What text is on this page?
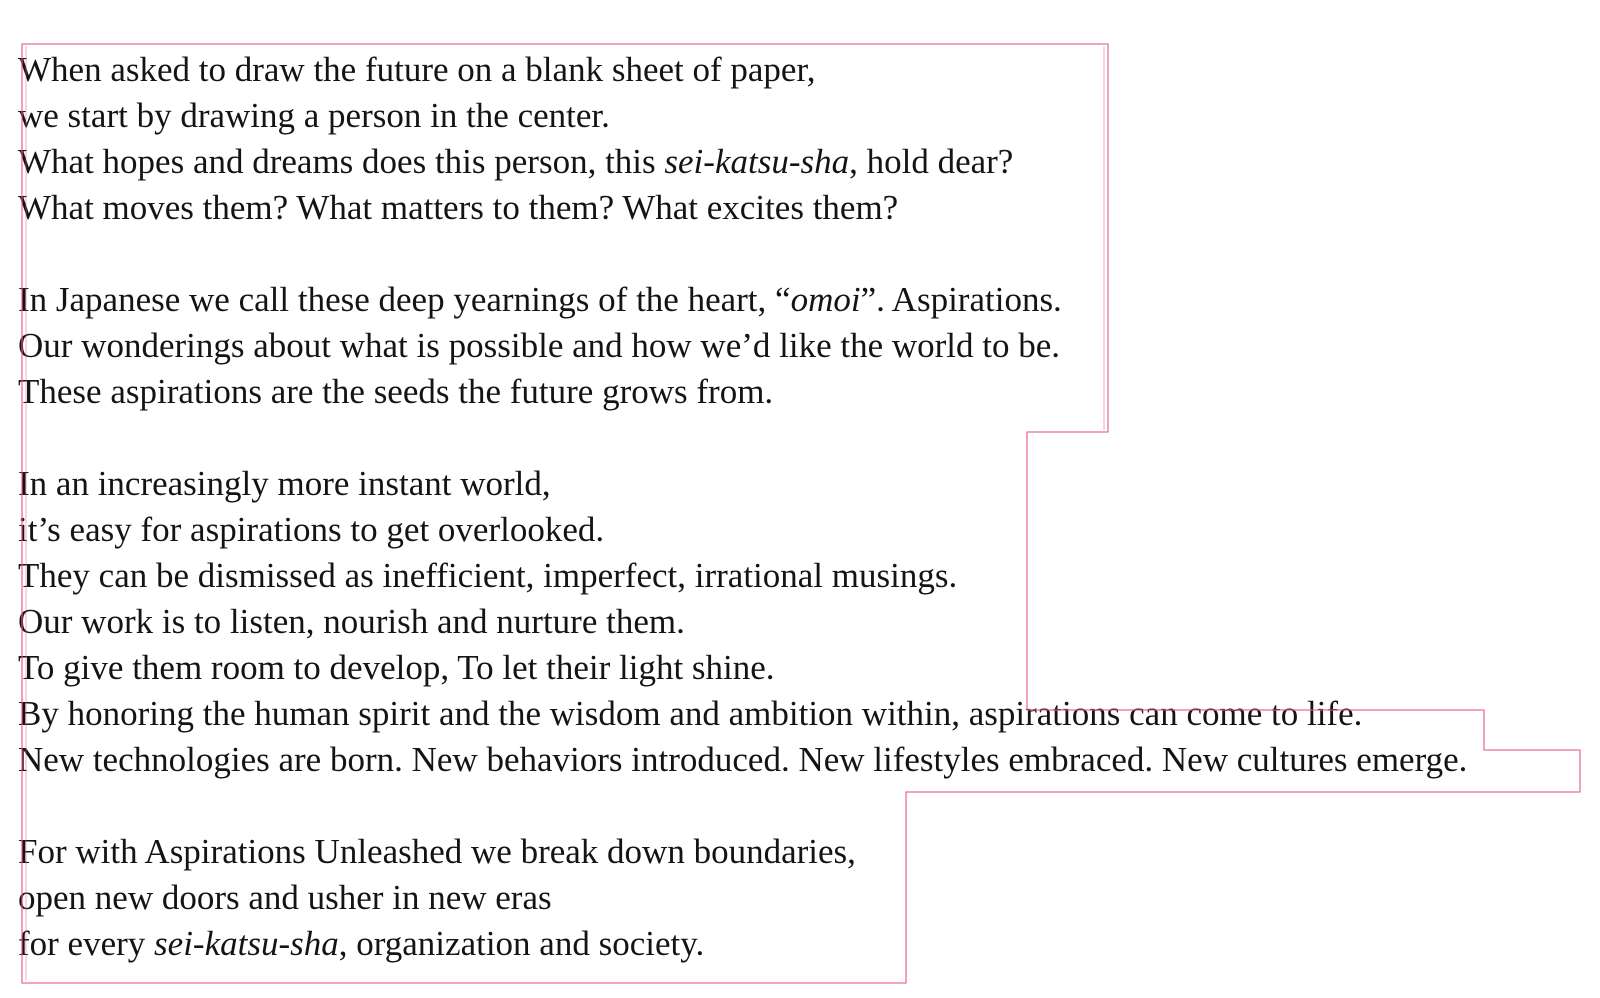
When asked to draw the future on a blank sheet of paper,
we start by drawing a person in the center.
What hopes and dreams does this person, this sei-katsu-sha, hold dear?
What moves them? What matters to them? What excites them?
In Japanese we call these deep yearnings of the heart, “omoi”. Aspirations.
Our wonderings about what is possible and how we’d like the world to be.
These aspirations are the seeds the future grows from.
In an increasingly more instant world,
it’s easy for aspirations to get overlooked.
They can be dismissed as inefficient, imperfect, irrational musings.
Our work is to listen, nourish and nurture them.
To give them room to develop, To let their light shine.
By honoring the human spirit and the wisdom and ambition within, aspirations can come to life.
New technologies are born. New behaviors introduced. New lifestyles embraced. New cultures emerge.
For with Aspirations Unleashed we break down boundaries,
open new doors and usher in new eras
for every sei-katsu-sha, organization and society.
